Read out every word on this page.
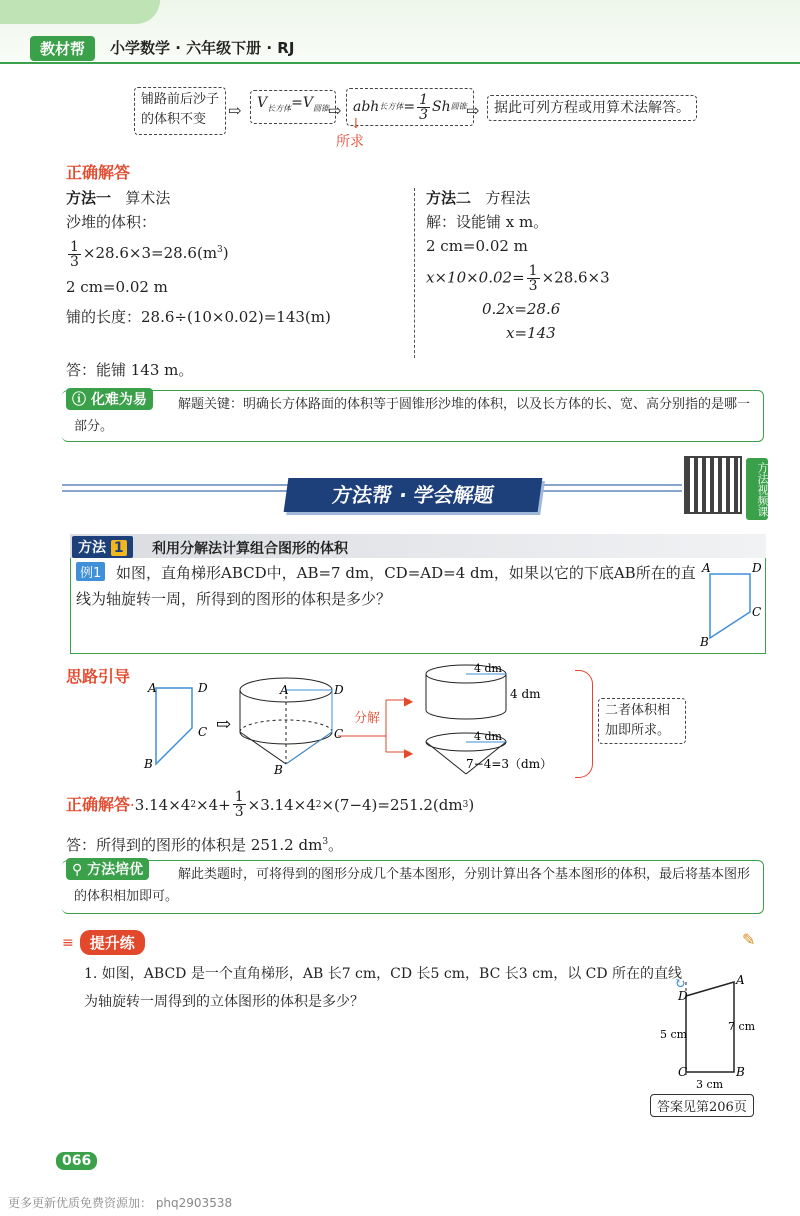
教材帮	小学数学 · 六年级下册 · RJ
铺路前后沙子的体积不变	⇨	$V_{长方体}=V_{圆锥}$ ⇨ abh 长方体 = $\frac{1}{3}$ Sh 圆锥 ⇨	据此可列方程或用算术法解答。
↓
所求
正确解答
方法一 算术法
沙堆的体积：
$\frac{1}{3} \times 28.6\times 3=28.6(m^3)$
2 cm=0.02 m
铺的长度：28.6÷(10×0.02)=143(m)
方法二 方程法
解：设能铺 x m。
2 cm=0.02 m
$x\times 10\times 0.02= \frac{1}{3} \times 28.6\times 3$
0.2x=28.6
x=143
答：能铺 143 m。
ⓘ 化难为易	解题关键：明确长方体路面的体积等于圆锥形沙堆的体积，以及长方体的长、宽、高分别指的是哪一部分。
方法帮 · 学会解题	方法视频课
方法 1	利用分解法计算组合图形的体积
例1 如图，直角梯形ABCD中，AB=7 dm，CD=AD=4 dm，如果以它的下底AB所在的直线为轴旋转一周，所得到的图形的体积是多少？
A	D
C
B
思路引导
A	D
C
B
⇨
A	D
C
B
▶
▶
分解
4 dm
4 dm
4 dm
7−4=3（dm）
二者体积相加即所求。
正确解答 · 3.14×4 $2 \times 4+ \frac{1}{3} \times 3.14\times 4$ 2 ×(7−4)=251.2(dm 3 )
答：所得到的图形的体积是 251.2 $dm^3$。
⚲ 方法培优	解此类题时，可将得到的图形分成几个基本图形，分别计算出各个基本图形的体积，最后将基本图形的体积相加即可。
≡	提升练	✎
1. 如图，ABCD 是一个直角梯形，AB 长7 cm，CD 长5 cm，BC 长3 cm，以 CD 所在的直线为轴旋转一周得到的立体图形的体积是多少？
↻
D
A
C	B
5 cm
7 cm
3 cm
答案见第206页
066
更多更新优质免费资源加： phq2903538
